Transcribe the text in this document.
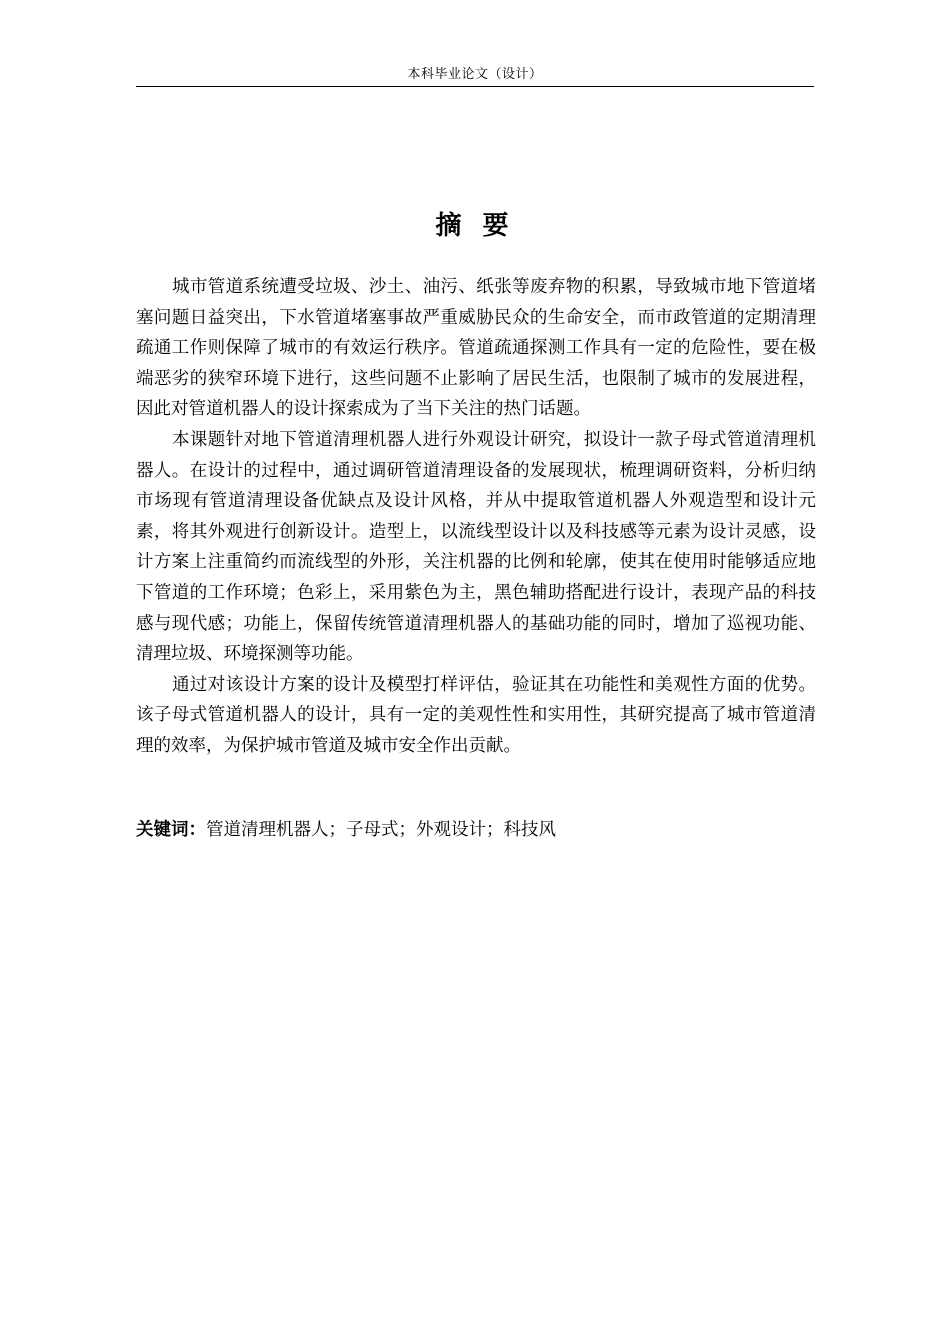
本科毕业论文（设计）
摘 要

城市管道系统遭受垃圾、沙土、油污、纸张等废弃物的积累，导致城市地下管道堵塞问题日益突出，下水管道堵塞事故严重威胁民众的生命安全，而市政管道的定期清理疏通工作则保障了城市的有效运行秩序。管道疏通探测工作具有一定的危险性，要在极端恶劣的狭窄环境下进行，这些问题不止影响了居民生活，也限制了城市的发展进程，因此对管道机器人的设计探索成为了当下关注的热门话题。

本课题针对地下管道清理机器人进行外观设计研究，拟设计一款子母式管道清理机器人。在设计的过程中，通过调研管道清理设备的发展现状，梳理调研资料，分析归纳市场现有管道清理设备优缺点及设计风格，并从中提取管道机器人外观造型和设计元素，将其外观进行创新设计。造型上，以流线型设计以及科技感等元素为设计灵感，设计方案上注重简约而流线型的外形，关注机器的比例和轮廓，使其在使用时能够适应地下管道的工作环境；色彩上，采用紫色为主，黑色辅助搭配进行设计，表现产品的科技感与现代感；功能上，保留传统管道清理机器人的基础功能的同时，增加了巡视功能、清理垃圾、环境探测等功能。

通过对该设计方案的设计及模型打样评估，验证其在功能性和美观性方面的优势。该子母式管道机器人的设计，具有一定的美观性性和实用性，其研究提高了城市管道清理的效率，为保护城市管道及城市安全作出贡献。

关键词：管道清理机器人；子母式；外观设计；科技风
